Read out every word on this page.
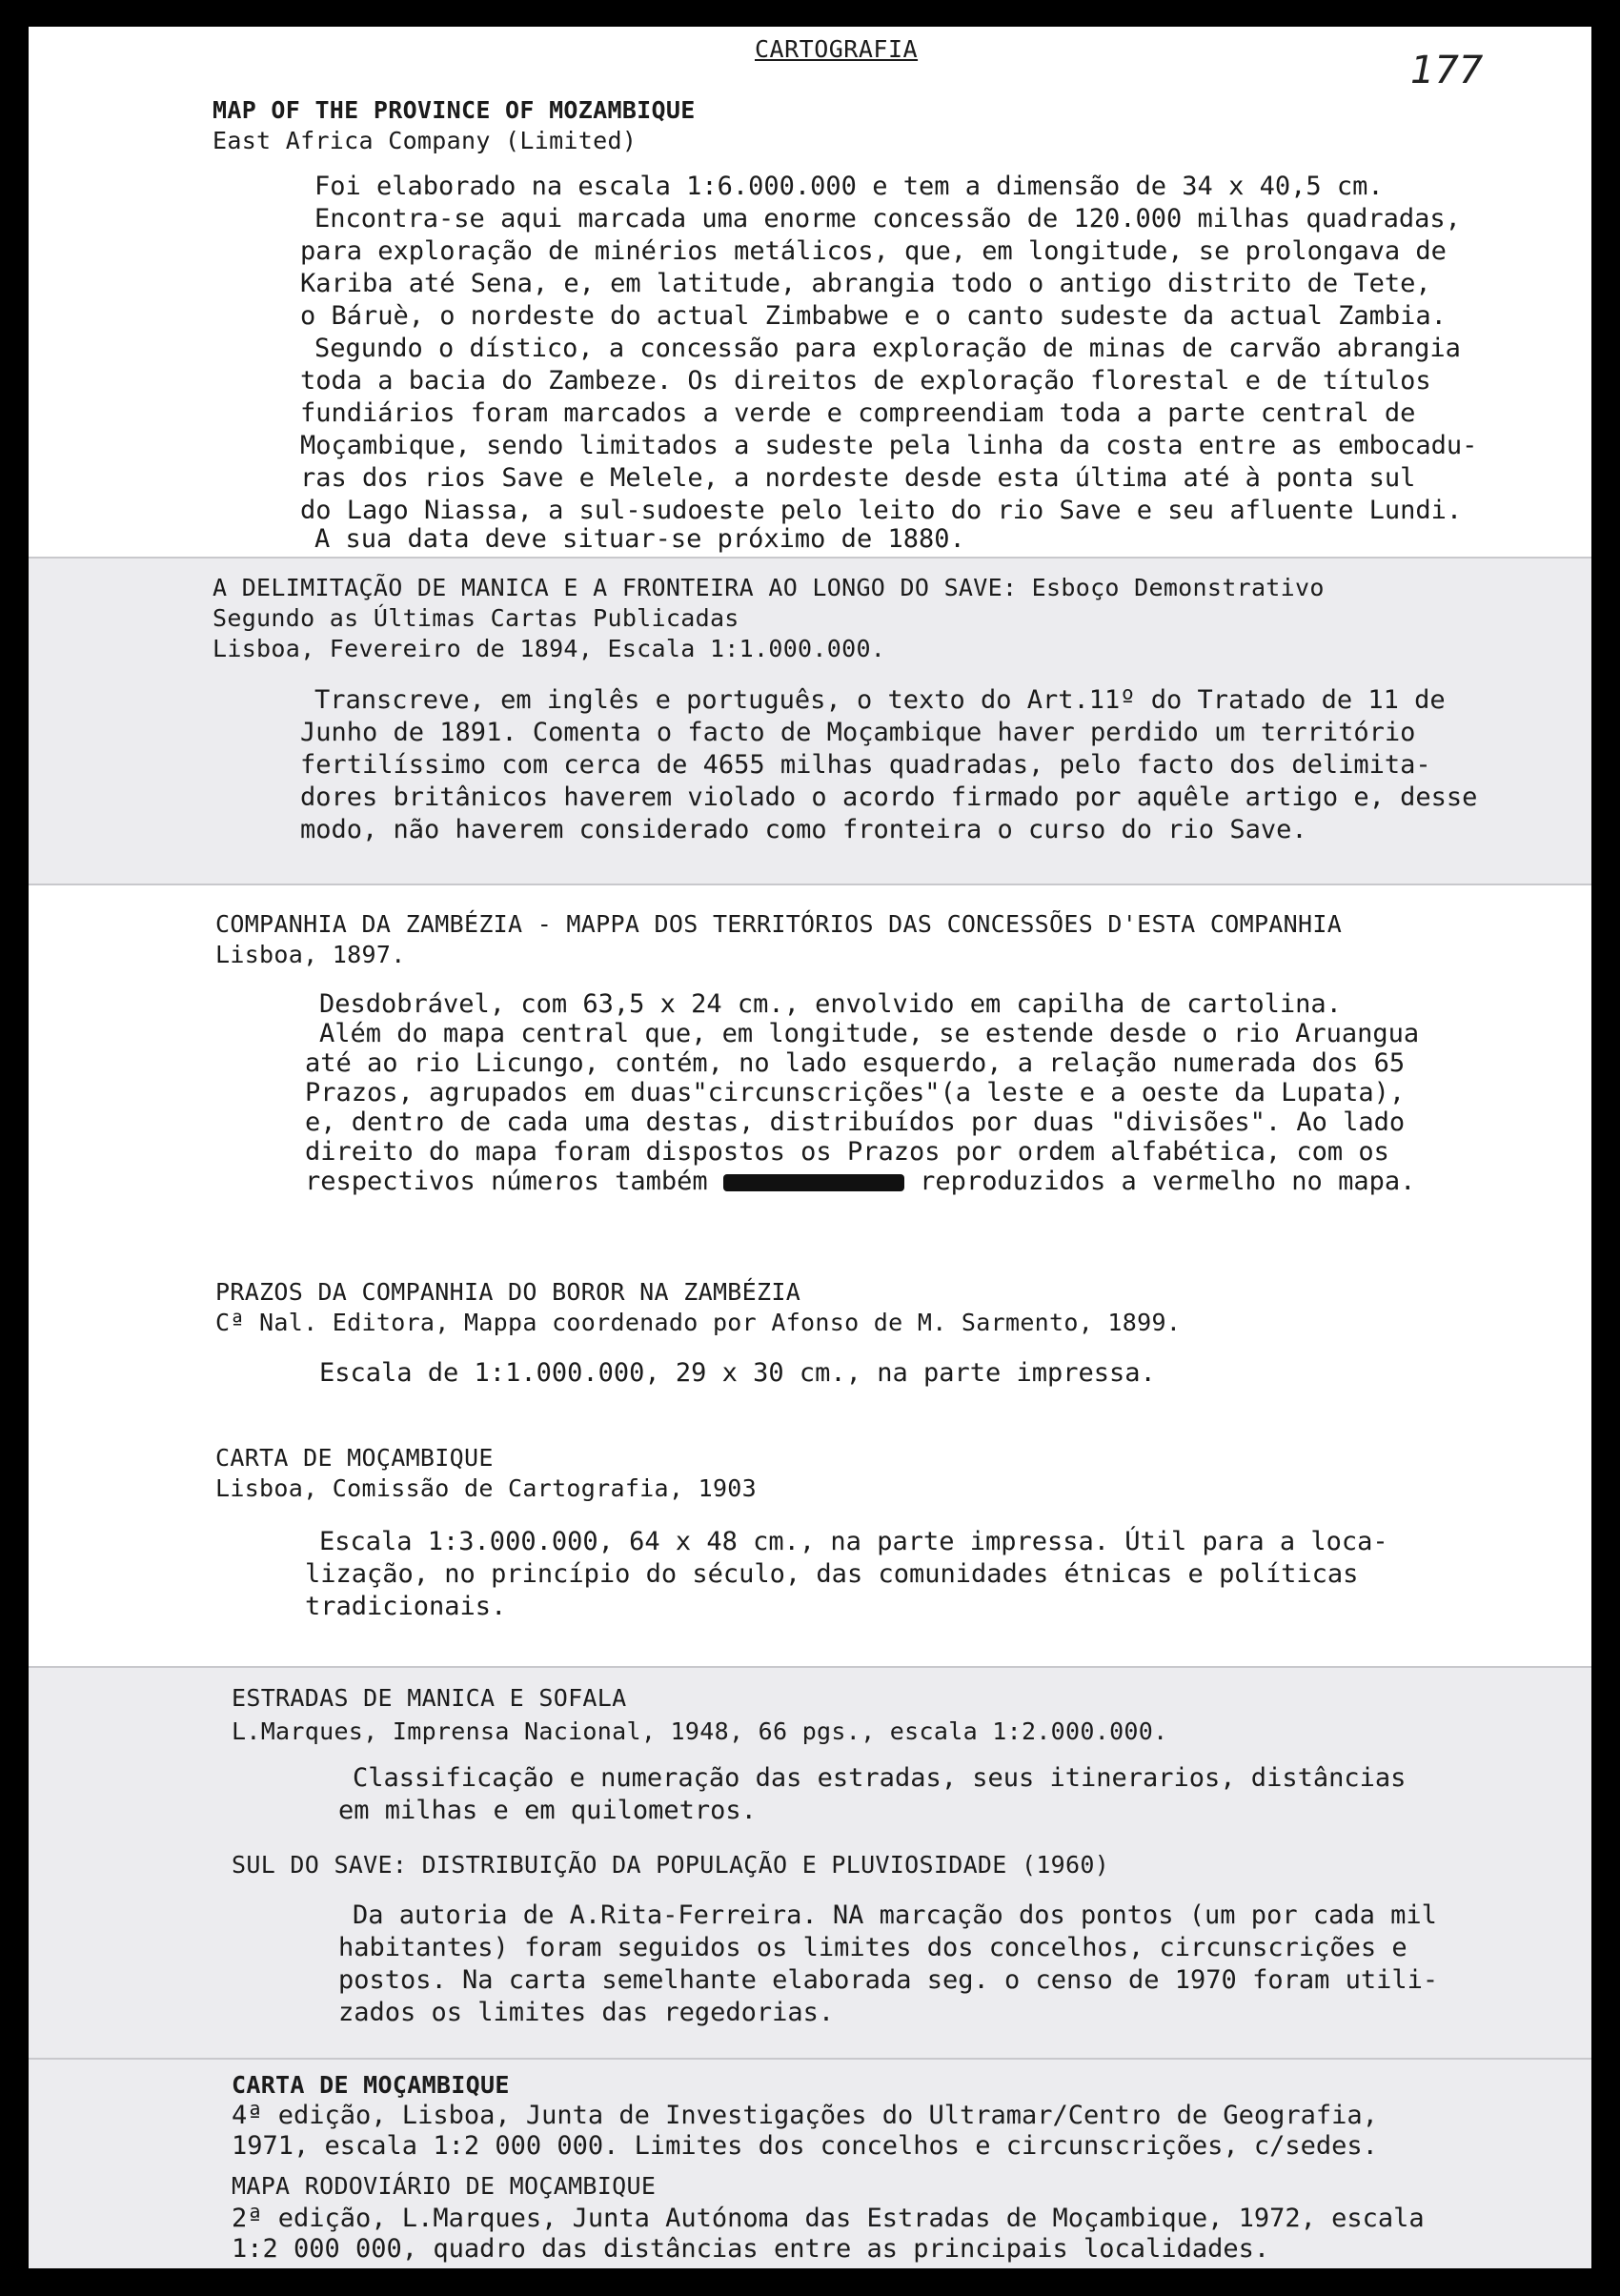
CARTOGRAFIA	177

MAP OF THE PROVINCE OF MOZAMBIQUE

East Africa Company (Limited)

Foi elaborado na escala 1:6.000.000 e tem a dimensão de 34 x 40,5 cm.

Encontra-se aqui marcada uma enorme concessão de 120.000 milhas quadradas,

para exploração de minérios metálicos, que, em longitude, se prolongava de

Kariba até Sena, e, em latitude, abrangia todo o antigo distrito de Tete,

o Báruè, o nordeste do actual Zimbabwe e o canto sudeste da actual Zambia.

Segundo o dístico, a concessão para exploração de minas de carvão abrangia

toda a bacia do Zambeze. Os direitos de exploração florestal e de títulos

fundiários foram marcados a verde e compreendiam toda a parte central de

Moçambique, sendo limitados a sudeste pela linha da costa entre as embocadu-

ras dos rios Save e Melele, a nordeste desde esta última até à ponta sul

do Lago Niassa, a sul-sudoeste pelo leito do rio Save e seu afluente Lundi.

A sua data deve situar-se próximo de 1880.

A DELIMITAÇÃO DE MANICA E A FRONTEIRA AO LONGO DO SAVE: Esboço Demonstrativo

Segundo as Últimas Cartas Publicadas

Lisboa, Fevereiro de 1894, Escala 1:1.000.000.

Transcreve, em inglês e português, o texto do Art.11º do Tratado de 11 de

Junho de 1891. Comenta o facto de Moçambique haver perdido um território

fertilíssimo com cerca de 4655 milhas quadradas, pelo facto dos delimita-

dores britânicos haverem violado o acordo firmado por aquêle artigo e, desse

modo, não haverem considerado como fronteira o curso do rio Save.

COMPANHIA DA ZAMBÉZIA - MAPPA DOS TERRITÓRIOS DAS CONCESSÕES D'ESTA COMPANHIA

Lisboa, 1897.

Desdobrável, com 63,5 x 24 cm., envolvido em capilha de cartolina.

Além do mapa central que, em longitude, se estende desde o rio Aruangua

até ao rio Licungo, contém, no lado esquerdo, a relação numerada dos 65

Prazos, agrupados em duas"circunscrições"(a leste e a oeste da Lupata),

e, dentro de cada uma destas, distribuídos por duas "divisões". Ao lado

direito do mapa foram dispostos os Prazos por ordem alfabética, com os

respectivos números também	reproduzidos a vermelho no mapa.

PRAZOS DA COMPANHIA DO BOROR NA ZAMBÉZIA

Cª Nal. Editora, Mappa coordenado por Afonso de M. Sarmento, 1899.

Escala de 1:1.000.000, 29 x 30 cm., na parte impressa.

CARTA DE MOÇAMBIQUE

Lisboa, Comissão de Cartografia, 1903

Escala 1:3.000.000, 64 x 48 cm., na parte impressa. Útil para a loca-

lização, no princípio do século, das comunidades étnicas e políticas

tradicionais.

ESTRADAS DE MANICA E SOFALA

L.Marques, Imprensa Nacional, 1948, 66 pgs., escala 1:2.000.000.

Classificação e numeração das estradas, seus itinerarios, distâncias

em milhas e em quilometros.

SUL DO SAVE: DISTRIBUIÇÃO DA POPULAÇÃO E PLUVIOSIDADE (1960)

Da autoria de A.Rita-Ferreira. NA marcação dos pontos (um por cada mil

habitantes) foram seguidos os limites dos concelhos, circunscrições e

postos. Na carta semelhante elaborada seg. o censo de 1970 foram utili-

zados os limites das regedorias.

CARTA DE MOÇAMBIQUE

4ª edição, Lisboa, Junta de Investigações do Ultramar/Centro de Geografia,

1971, escala 1:2 000 000. Limites dos concelhos e circunscrições, c/sedes.

MAPA RODOVIÁRIO DE MOÇAMBIQUE

2ª edição, L.Marques, Junta Autónoma das Estradas de Moçambique, 1972, escala

1:2 000 000, quadro das distâncias entre as principais localidades.
